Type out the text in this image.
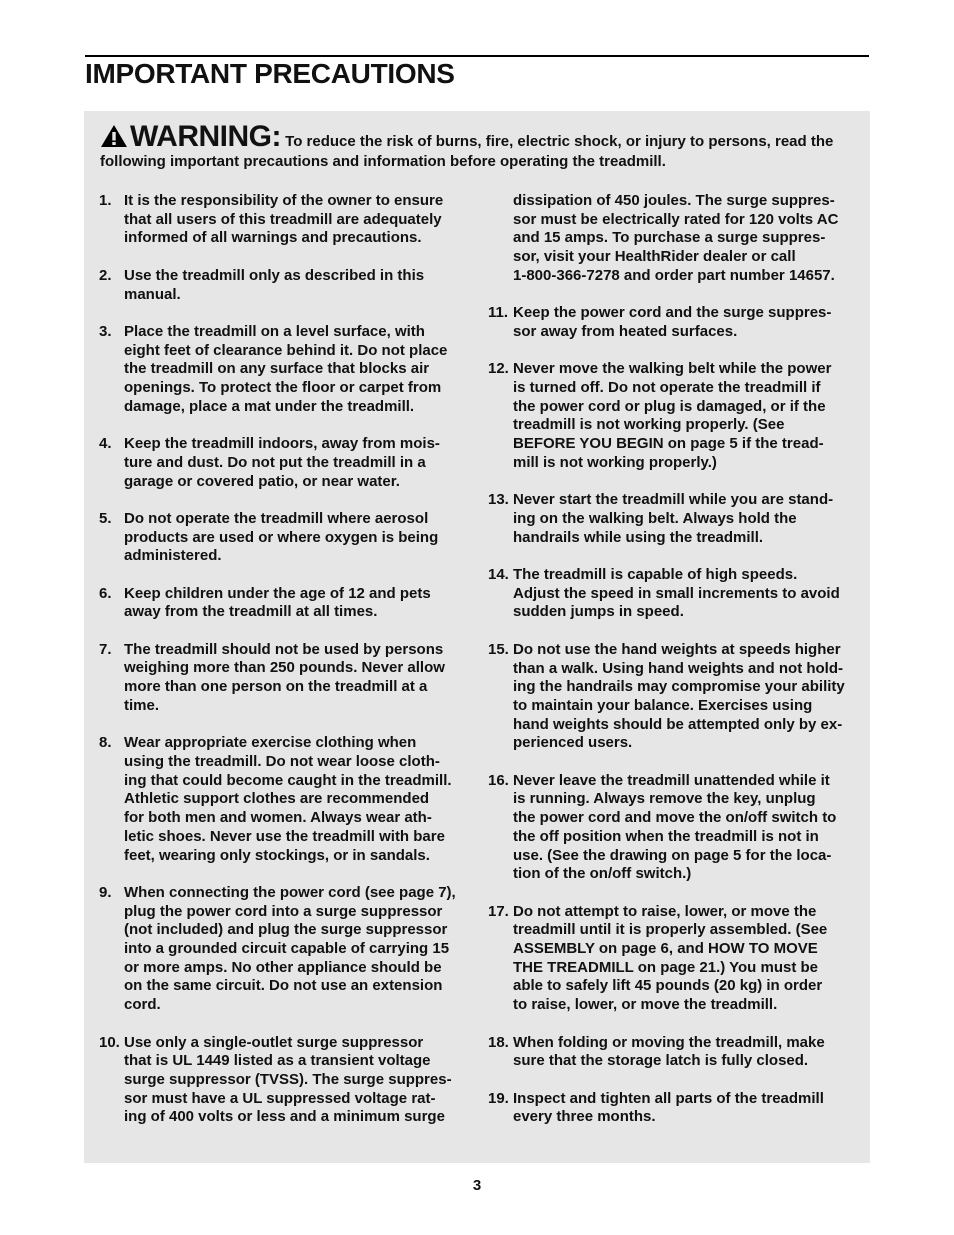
IMPORTANT PRECAUTIONS
WARNING: To reduce the risk of burns, fire, electric shock, or injury to persons, read the following important precautions and information before operating the treadmill.
1. It is the responsibility of the owner to ensure
that all users of this treadmill are adequately
informed of all warnings and precautions.
2. Use the treadmill only as described in this
manual.
3. Place the treadmill on a level surface, with
eight feet of clearance behind it. Do not place
the treadmill on any surface that blocks air
openings. To protect the floor or carpet from
damage, place a mat under the treadmill.
4. Keep the treadmill indoors, away from mois-
ture and dust. Do not put the treadmill in a
garage or covered patio, or near water.
5. Do not operate the treadmill where aerosol
products are used or where oxygen is being
administered.
6. Keep children under the age of 12 and pets
away from the treadmill at all times.
7. The treadmill should not be used by persons
weighing more than 250 pounds. Never allow
more than one person on the treadmill at a
time.
8. Wear appropriate exercise clothing when
using the treadmill. Do not wear loose cloth-
ing that could become caught in the treadmill.
Athletic support clothes are recommended
for both men and women. Always wear ath-
letic shoes. Never use the treadmill with bare
feet, wearing only stockings, or in sandals.
9. When connecting the power cord (see page 7),
plug the power cord into a surge suppressor
(not included) and plug the surge suppressor
into a grounded circuit capable of carrying 15
or more amps. No other appliance should be
on the same circuit. Do not use an extension
cord.
10. Use only a single-outlet surge suppressor
that is UL 1449 listed as a transient voltage
surge suppressor (TVSS). The surge suppres-
sor must have a UL suppressed voltage rat-
ing of 400 volts or less and a minimum surge
dissipation of 450 joules. The surge suppres-
sor must be electrically rated for 120 volts AC
and 15 amps. To purchase a surge suppres-
sor, visit your HealthRider dealer or call
1-800-366-7278 and order part number 14657.
11. Keep the power cord and the surge suppres-
sor away from heated surfaces.
12. Never move the walking belt while the power
is turned off. Do not operate the treadmill if
the power cord or plug is damaged, or if the
treadmill is not working properly. (See
BEFORE YOU BEGIN on page 5 if the tread-
mill is not working properly.)
13. Never start the treadmill while you are stand-
ing on the walking belt. Always hold the
handrails while using the treadmill.
14. The treadmill is capable of high speeds.
Adjust the speed in small increments to avoid
sudden jumps in speed.
15. Do not use the hand weights at speeds higher
than a walk. Using hand weights and not hold-
ing the handrails may compromise your ability
to maintain your balance. Exercises using
hand weights should be attempted only by ex-
perienced users.
16. Never leave the treadmill unattended while it
is running. Always remove the key, unplug
the power cord and move the on/off switch to
the off position when the treadmill is not in
use. (See the drawing on page 5 for the loca-
tion of the on/off switch.)
17. Do not attempt to raise, lower, or move the
treadmill until it is properly assembled. (See
ASSEMBLY on page 6, and HOW TO MOVE
THE TREADMILL on page 21.) You must be
able to safely lift 45 pounds (20 kg) in order
to raise, lower, or move the treadmill.
18. When folding or moving the treadmill, make
sure that the storage latch is fully closed.
19. Inspect and tighten all parts of the treadmill
every three months.
3
